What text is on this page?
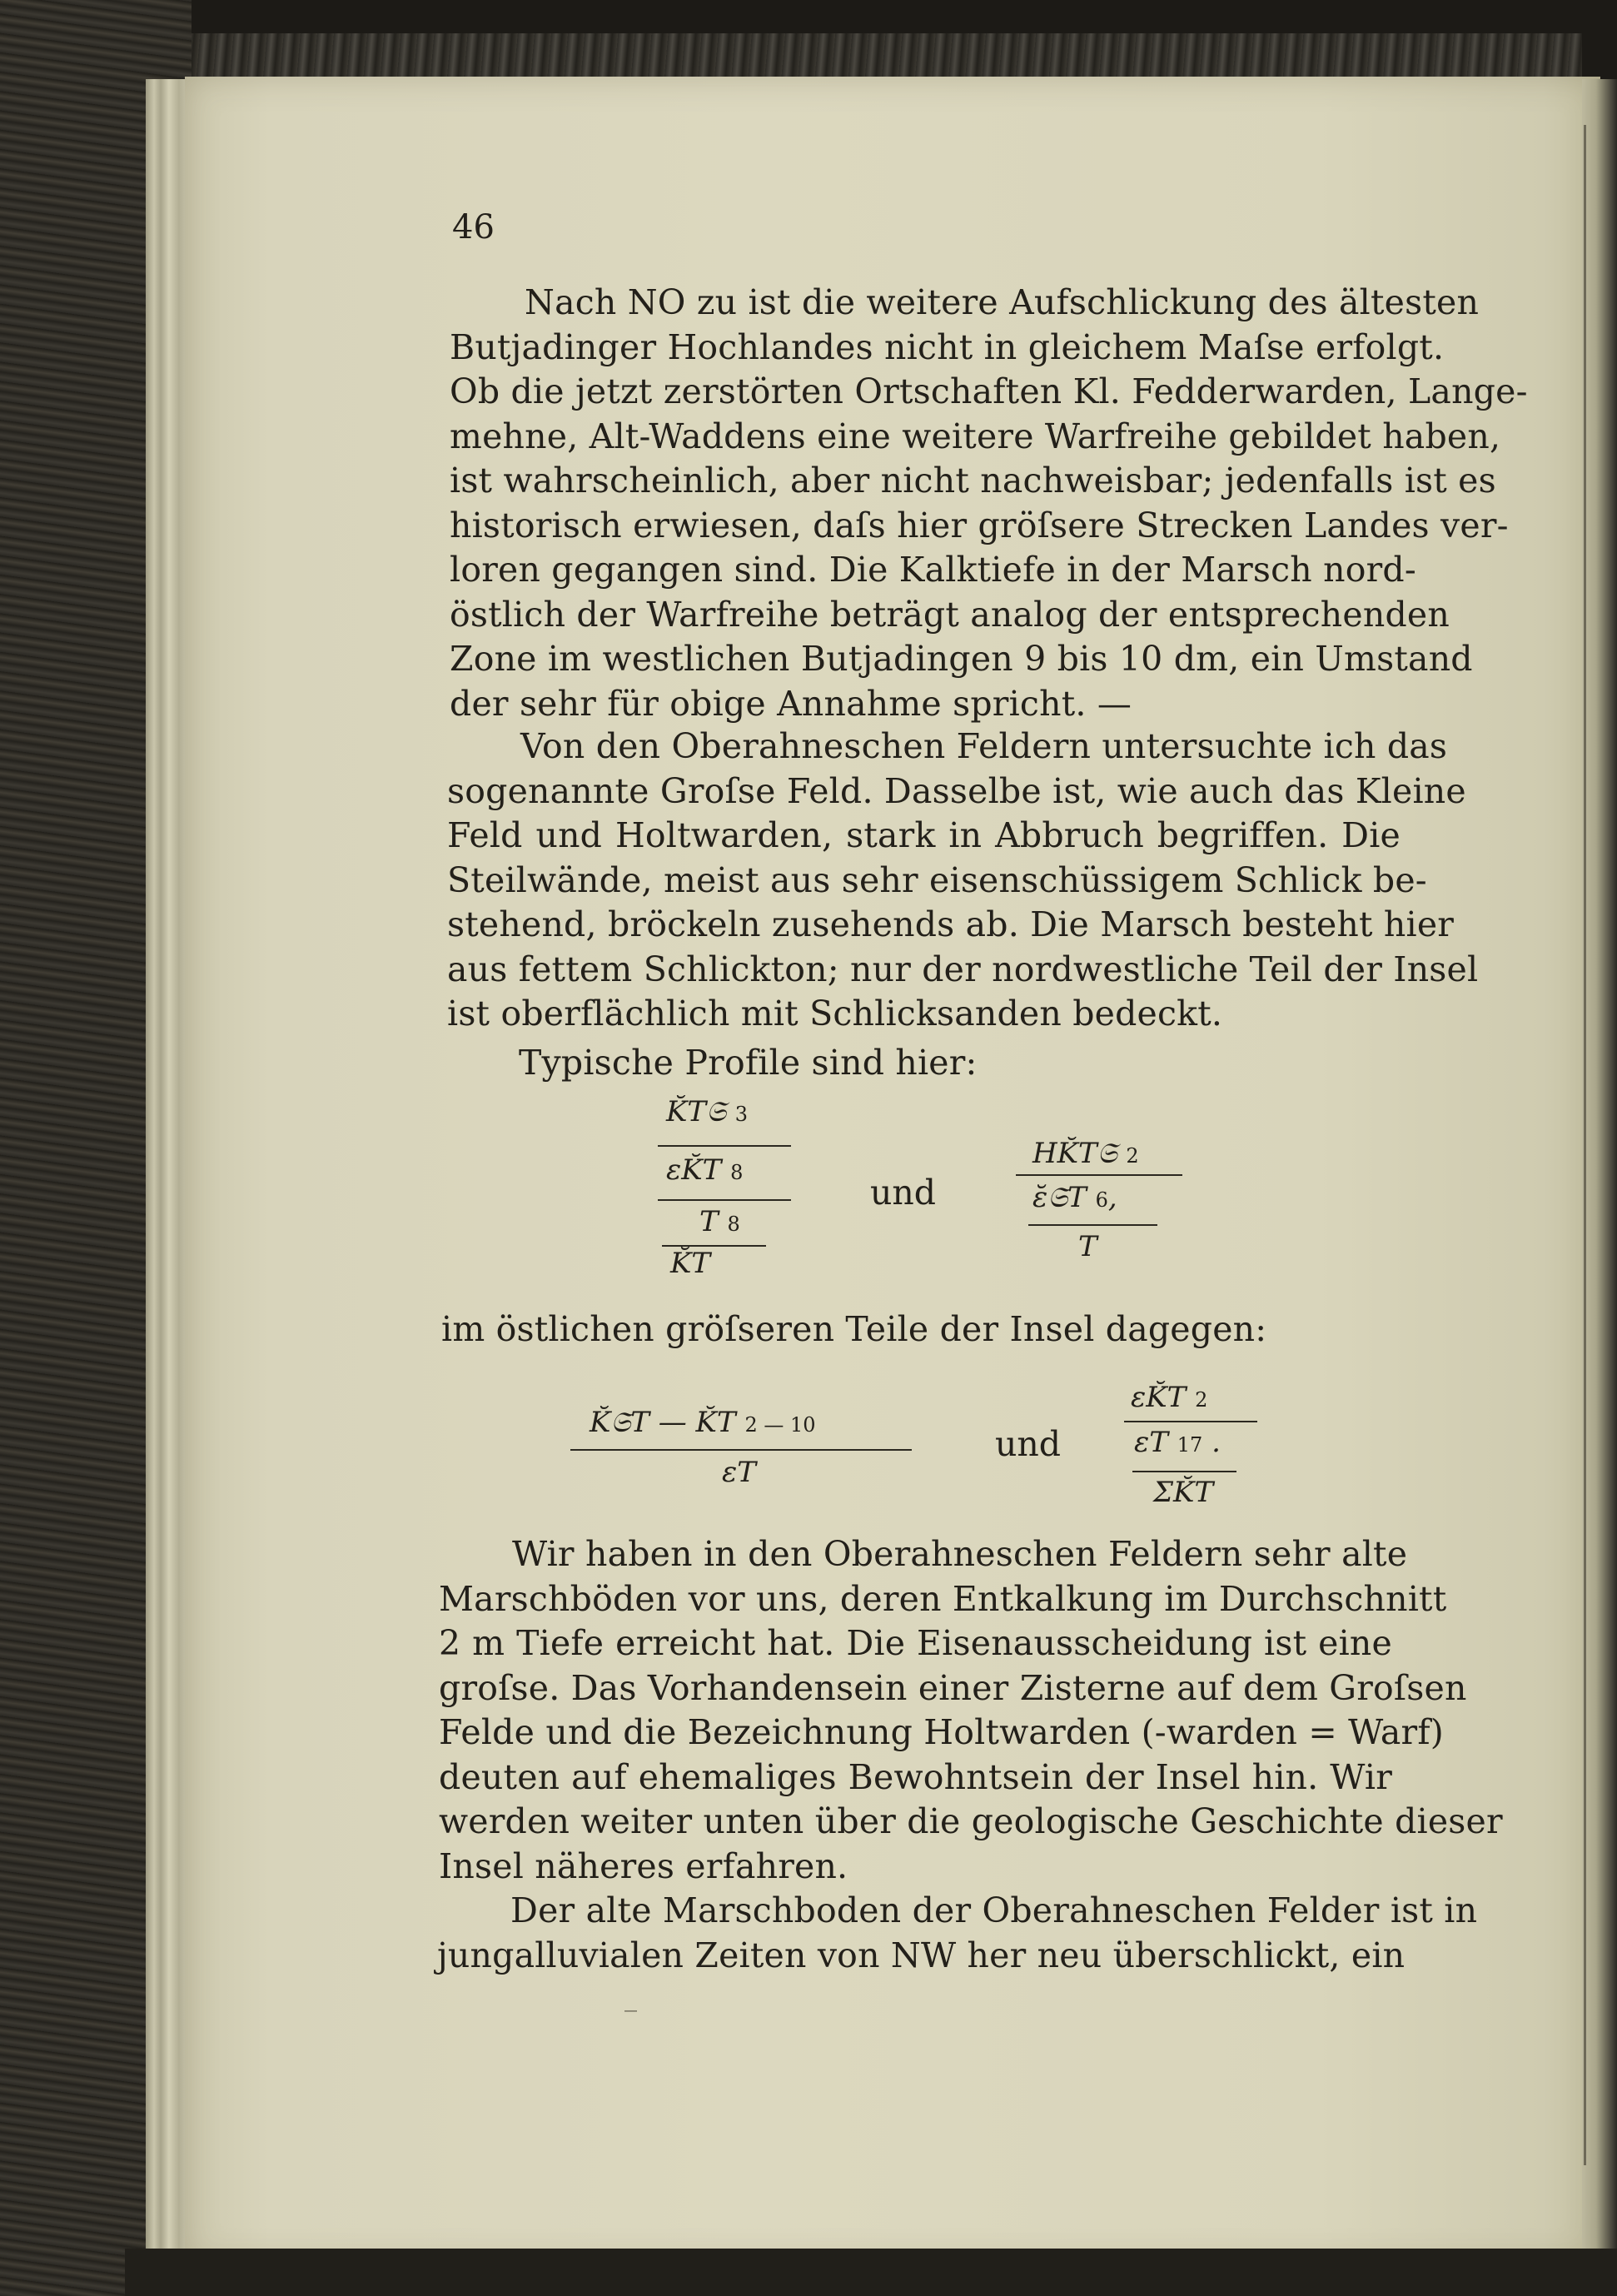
46
Nach NO zu ist die weitere Aufschlickung des ältesten
Butjadinger Hochlandes nicht in gleichem Maſse erfolgt.
Ob die jetzt zerstörten Ortschaften Kl. Fedderwarden, Lange-
mehne, Alt-Waddens eine weitere Warfreihe gebildet haben,
ist wahrscheinlich, aber nicht nachweisbar; jedenfalls ist es
historisch erwiesen, daſs hier gröſsere Strecken Landes ver-
loren gegangen sind. Die Kalktiefe in der Marsch nord-
östlich der Warfreihe beträgt analog der entsprechenden
Zone im westlichen Butjadingen 9 bis 10 dm, ein Umstand
der sehr für obige Annahme spricht. —
Von den Oberahneschen Feldern untersuchte ich das
sogenannte Groſse Feld. Dasselbe ist, wie auch das Kleine
Feld und Holtwarden, stark in Abbruch begriffen. Die
Steilwände, meist aus sehr eisenschüssigem Schlick be-
stehend, bröckeln zusehends ab. Die Marsch besteht hier
aus fettem Schlickton; nur der nordwestliche Teil der Insel
ist oberflächlich mit Schlicksanden bedeckt.
Typische Profile sind hier:
K̆T𝔖 3
εK̆T 8
T 8
K̆T
und
HK̆T𝔖 2
ε̆𝔖T 6,
T
im östlichen gröſseren Teile der Insel dagegen:
K̆𝔖T — K̆T 2 — 10
εT
und
εK̆T 2
εT 17 .
ΣK̆T
Wir haben in den Oberahneschen Feldern sehr alte
Marschböden vor uns, deren Entkalkung im Durchschnitt
2 m Tiefe erreicht hat. Die Eisenausscheidung ist eine
groſse. Das Vorhandensein einer Zisterne auf dem Groſsen
Felde und die Bezeichnung Holtwarden (-warden = Warf)
deuten auf ehemaliges Bewohntsein der Insel hin. Wir
werden weiter unten über die geologische Geschichte dieser
Insel näheres erfahren.
Der alte Marschboden der Oberahneschen Felder ist in
jungalluvialen Zeiten von NW her neu überschlickt, ein
‾
